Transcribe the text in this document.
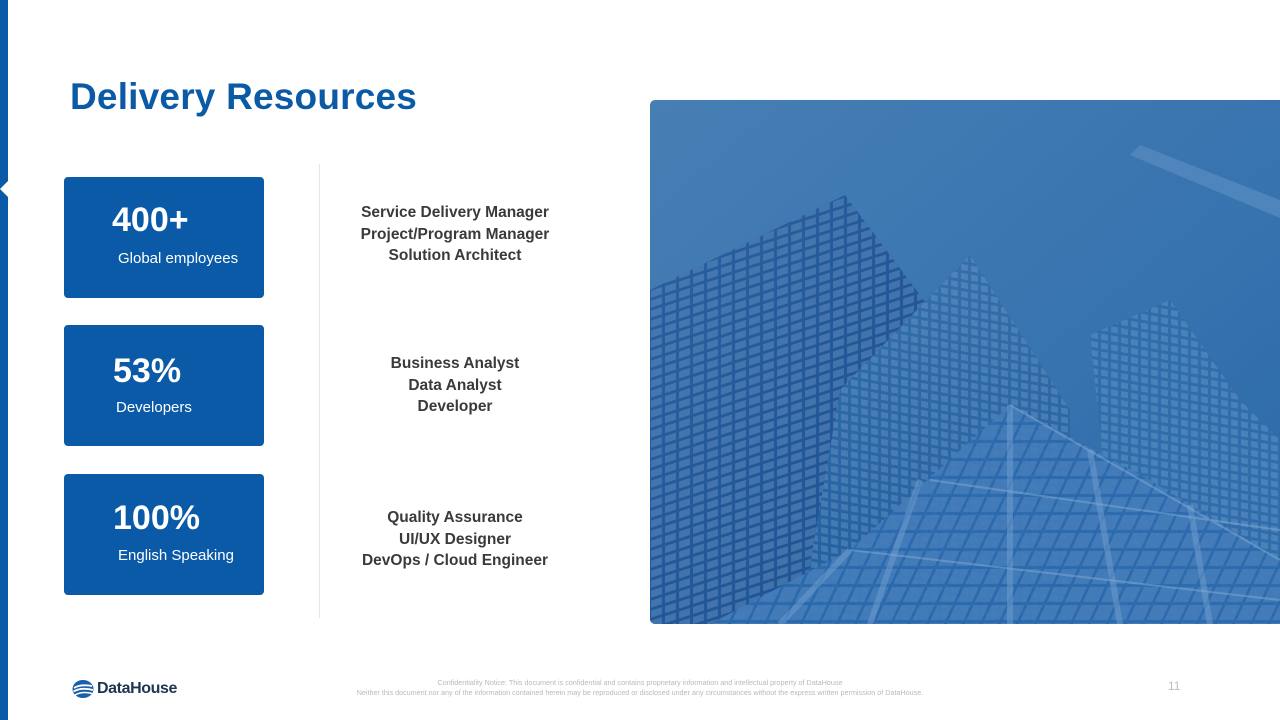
Delivery Resources
400+
Global employees
53%
Developers
100%
English Speaking
Service Delivery Manager
Project/Program Manager
Solution Architect
Business Analyst
Data Analyst
Developer
Quality Assurance
UI/UX Designer
DevOps / Cloud Engineer
DataHouse	Confidentiality Notice: This document is confidential and contains proprietary information and intellectual property of DataHouse
Neither this document nor any of the information contained herein may be reproduced or disclosed under any circumstances without the express written permission of DataHouse.	11
